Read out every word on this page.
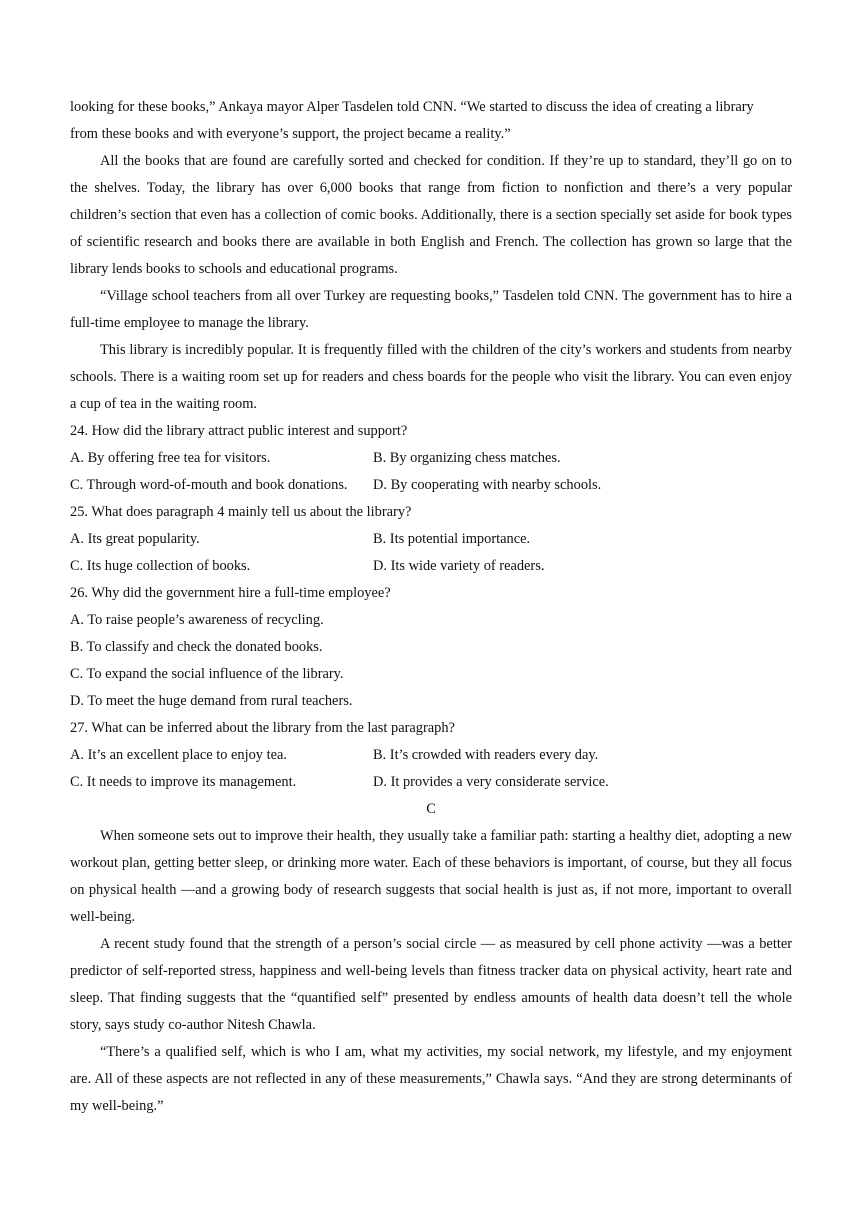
looking for these books,” Ankaya mayor Alper Tasdelen told CNN. “We started to discuss the idea of creating a library
from these books and with everyone’s support, the project became a reality.”
All the books that are found are carefully sorted and checked for condition. If they’re up to standard, they’ll go on to the shelves. Today, the library has over 6,000 books that range from fiction to nonfiction and there’s a very popular children’s section that even has a collection of comic books. Additionally, there is a section specially set aside for book types of scientific research and books there are available in both English and French. The collection has grown so large that the library lends books to schools and educational programs.
“Village school teachers from all over Turkey are requesting books,” Tasdelen told CNN. The government has to hire a full-time employee to manage the library.
This library is incredibly popular. It is frequently filled with the children of the city’s workers and students from nearby schools. There is a waiting room set up for readers and chess boards for the people who visit the library. You can even enjoy a cup of tea in the waiting room.
24. How did the library attract public interest and support?
A. By offering free tea for visitors.	B. By organizing chess matches.
C. Through word-of-mouth and book donations.	D. By cooperating with nearby schools.
25. What does paragraph 4 mainly tell us about the library?
A. Its great popularity.	B. Its potential importance.
C. Its huge collection of books.	D. Its wide variety of readers.
26. Why did the government hire a full-time employee?
A. To raise people’s awareness of recycling.
B. To classify and check the donated books.
C. To expand the social influence of the library.
D. To meet the huge demand from rural teachers.
27. What can be inferred about the library from the last paragraph?
A. It’s an excellent place to enjoy tea.	B. It’s crowded with readers every day.
C. It needs to improve its management.	D. It provides a very considerate service.
C
When someone sets out to improve their health, they usually take a familiar path: starting a healthy diet, adopting a new workout plan, getting better sleep, or drinking more water. Each of these behaviors is important, of course, but they all focus on physical health —and a growing body of research suggests that social health is just as, if not more, important to overall well-being.
A recent study found that the strength of a person’s social circle — as measured by cell phone activity —was a better predictor of self-reported stress, happiness and well-being levels than fitness tracker data on physical activity, heart rate and sleep. That finding suggests that the “quantified self” presented by endless amounts of health data doesn’t tell the whole story, says study co-author Nitesh Chawla.
“There’s a qualified self, which is who I am, what my activities, my social network, my lifestyle, and my enjoyment are. All of these aspects are not reflected in any of these measurements,” Chawla says. “And they are strong determinants of my well-being.”
